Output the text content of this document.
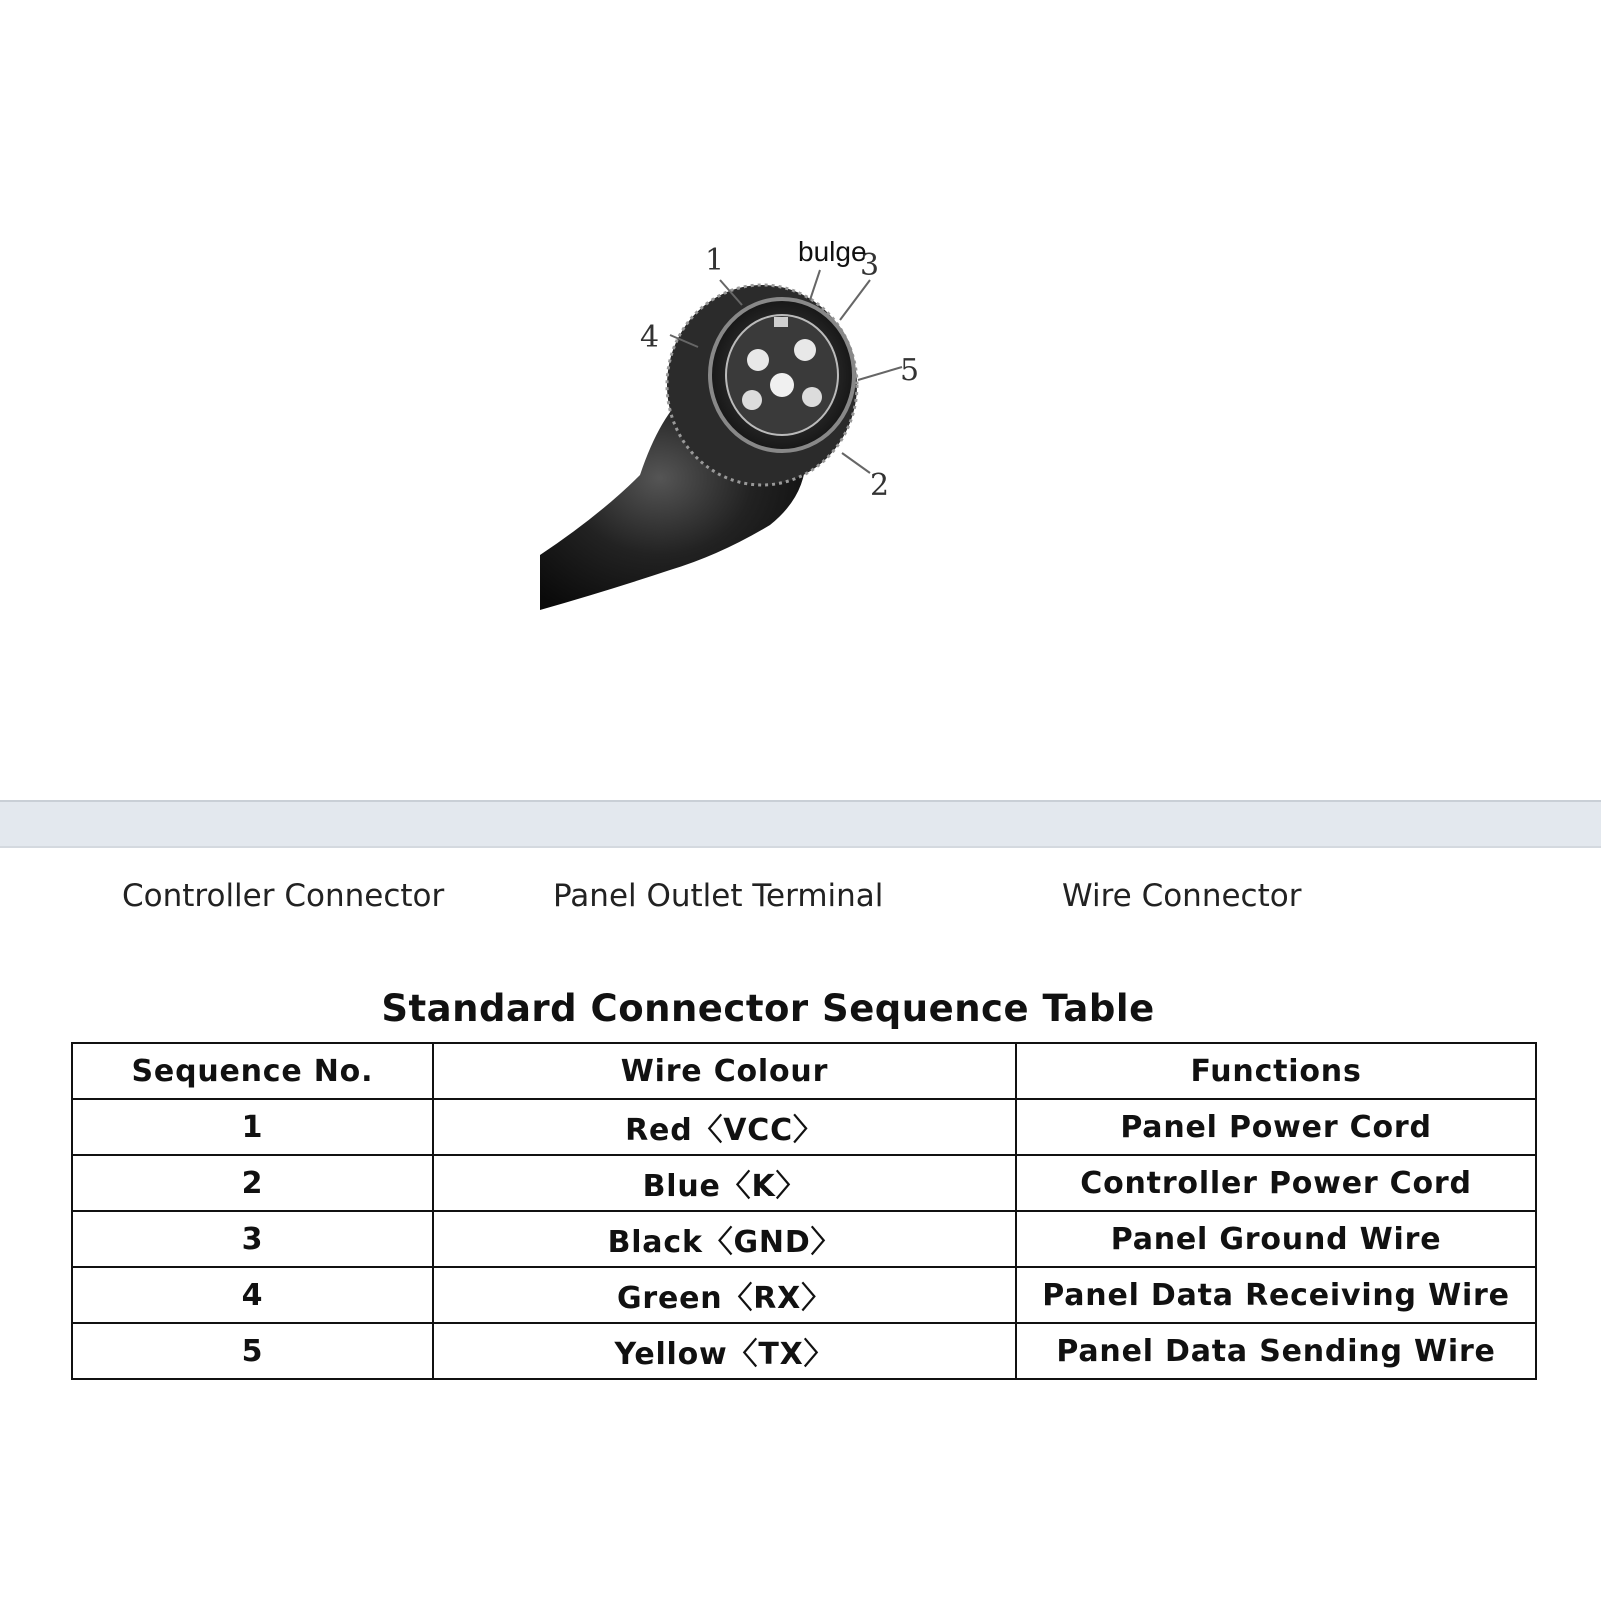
1	3
4
5
2
bulge
Controller Connector	Panel Outlet Terminal	Wire Connector
Standard Connector Sequence Table
Sequence No.	Wire Colour	Functions
1	Red〈VCC〉	Panel Power Cord
2	Blue〈K〉	Controller Power Cord
3	Black〈GND〉	Panel Ground Wire
4	Green〈RX〉	Panel Data Receiving Wire
5	Yellow〈TX〉	Panel Data Sending Wire
